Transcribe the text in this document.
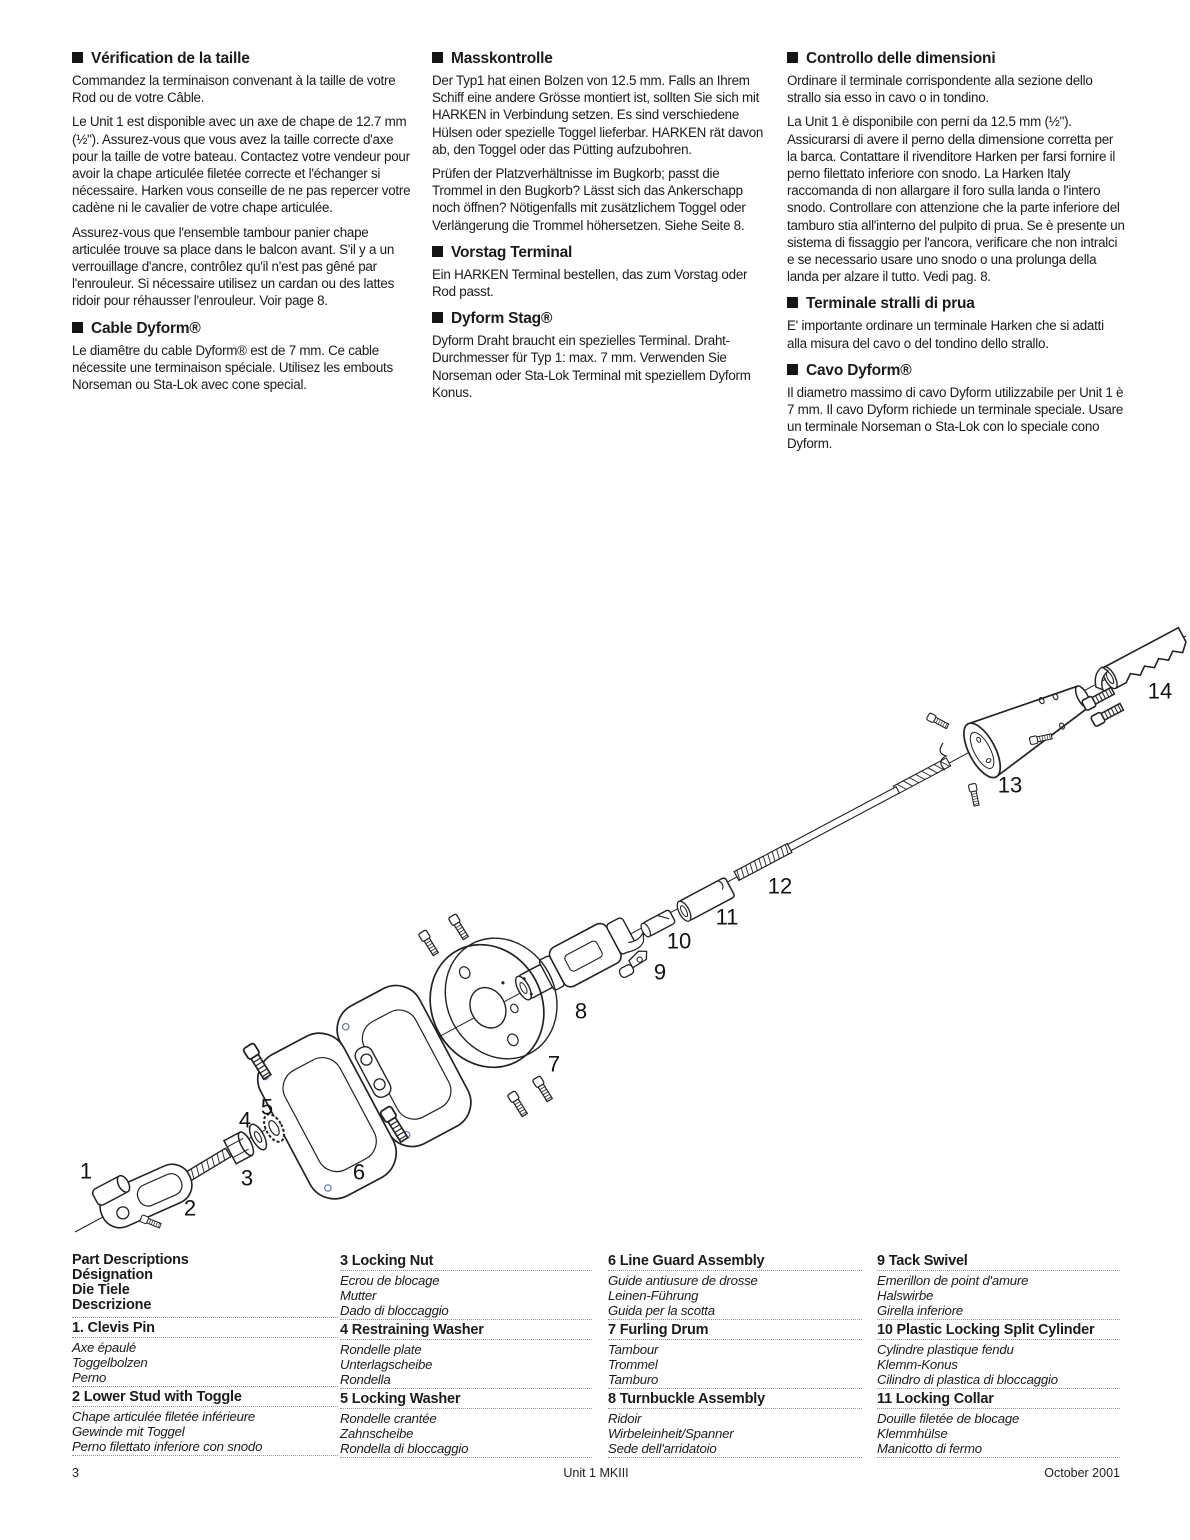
Vérification de la taille

Commandez la terminaison convenant à la taille de votre Rod ou de votre Câble.

Le Unit 1 est disponible avec un axe de chape de 12.7 mm (½"). Assurez-vous que vous avez la taille correcte d'axe pour la taille de votre bateau. Contactez votre vendeur pour avoir la chape articulée filetée correcte et l'échanger si nécessaire. Harken vous conseille de ne pas repercer votre cadène ni le cavalier de votre chape articulée.

Assurez-vous que l'ensemble tambour panier chape articulée trouve sa place dans le balcon avant. S'il y a un verrouillage d'ancre, contrôlez qu'il n'est pas gêné par l'enrouleur. Si nécessaire utilisez un cardan ou des lattes ridoir pour réhausser l'enrouleur. Voir page 8.

Cable Dyform®

Le diamêtre du cable Dyform® est de 7 mm. Ce cable nécessite une terminaison spéciale. Utilisez les embouts Norseman ou Sta-Lok avec cone special.

Masskontrolle

Der Typ1 hat einen Bolzen von 12.5 mm. Falls an Ihrem Schiff eine andere Grösse montiert ist, sollten Sie sich mit HARKEN in Verbindung setzen. Es sind verschiedene Hülsen oder spezielle Toggel lieferbar. HARKEN rät davon ab, den Toggel oder das Pütting aufzubohren.

Prüfen der Platzverhältnisse im Bugkorb; passt die Trommel in den Bugkorb? Lässt sich das Ankerschapp noch öffnen? Nötigenfalls mit zusätzlichem Toggel oder Verlängerung die Trommel höhersetzen. Siehe Seite 8.

Vorstag Terminal

Ein HARKEN Terminal bestellen, das zum Vorstag oder Rod passt.

Dyform Stag®

Dyform Draht braucht ein spezielles Terminal. Draht-Durchmesser für Typ 1: max. 7 mm. Verwenden Sie Norseman oder Sta-Lok Terminal mit speziellem Dyform Konus.

Controllo delle dimensioni

Ordinare il terminale corrispondente alla sezione dello strallo sia esso in cavo o in tondino.

La Unit 1 è disponibile con perni da 12.5 mm (½"). Assicurarsi di avere il perno della dimensione corretta per la barca. Contattare il rivenditore Harken per farsi fornire il perno filettato inferiore con snodo. La Harken Italy raccomanda di non allargare il foro sulla landa o l'intero snodo. Controllare con attenzione che la parte inferiore del tamburo stia all'interno del pulpito di prua. Se è presente un sistema di fissaggio per l'ancora, verificare che non intralci e se necessario usare uno snodo o una prolunga della landa per alzare il tutto. Vedi pag. 8.

Terminale stralli di prua

E' importante ordinare un terminale Harken che si adatti alla misura del cavo o del tondino dello strallo.

Cavo Dyform®

Il diametro massimo di cavo Dyform utilizzabile per Unit 1 è 7 mm. Il cavo Dyform richiede un terminale speciale. Usare un terminale Norseman o Sta-Lok con lo speciale cono Dyform.

1
2
3
4
5
6
7
8
9
10
11
12
13
14
Part Descriptions
Désignation
Die Tiele
Descrizione
1. Clevis Pin
Axe épaulé
Toggelbolzen
Perno
2 Lower Stud with Toggle
Chape articulée filetée inférieure
Gewinde mit Toggel
Perno filettato inferiore con snodo
3 Locking Nut
Ecrou de blocage
Mutter
Dado di bloccaggio
4 Restraining Washer
Rondelle plate
Unterlagscheibe
Rondella
5 Locking Washer
Rondelle crantée
Zahnscheibe
Rondella di bloccaggio
6 Line Guard Assembly
Guide antiusure de drosse
Leinen-Führung
Guida per la scotta
7 Furling Drum
Tambour
Trommel
Tamburo
8 Turnbuckle Assembly
Ridoir
Wirbeleinheit/Spanner
Sede dell'arridatoio
9 Tack Swivel
Emerillon de point d'amure
Halswirbe
Girella inferiore
10 Plastic Locking Split Cylinder
Cylindre plastique fendu
Klemm-Konus
Cilindro di plastica di bloccaggio
11 Locking Collar
Douille filetée de blocage
Klemmhülse
Manicotto di fermo
3	Unit 1 MKIII	October 2001
